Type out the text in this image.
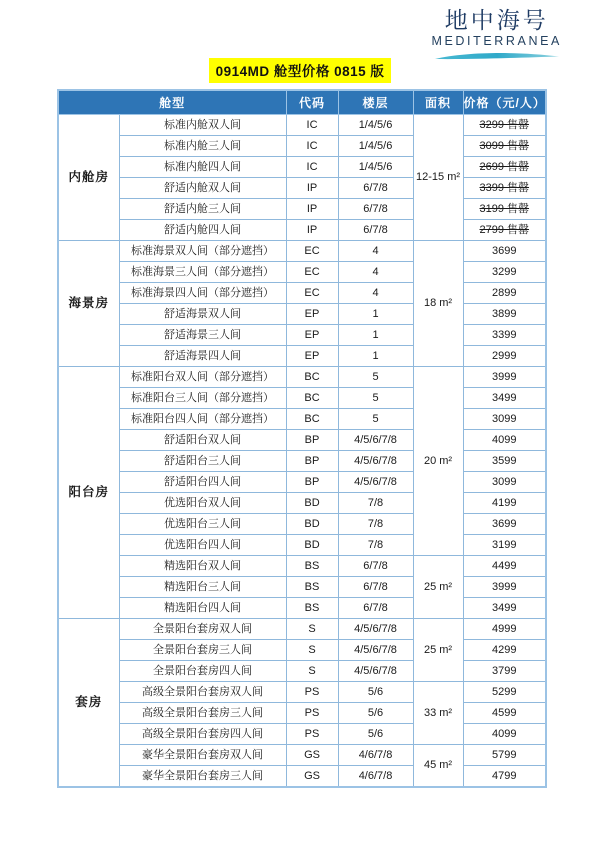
地中海号
MEDITERRANEA
0914MD 舱型价格 0815 版
舱型		代码	楼层	面积	价格（元/人）
内舱房	标准内舱双人间	IC	1/4/5/6	12-15 m²	3299 售罄
	标准内舱三人间	IC	1/4/5/6		3099 售罄
	标准内舱四人间	IC	1/4/5/6		2699 售罄
	舒适内舱双人间	IP	6/7/8		3399 售罄
	舒适内舱三人间	IP	6/7/8		3199 售罄
	舒适内舱四人间	IP	6/7/8		2799 售罄
海景房	标准海景双人间（部分遮挡）	EC	4	18 m²	3699
	标准海景三人间（部分遮挡）	EC	4		3299
	标准海景四人间（部分遮挡）	EC	4		2899
	舒适海景双人间	EP	1		3899
	舒适海景三人间	EP	1		3399
	舒适海景四人间	EP	1		2999
阳台房	标准阳台双人间（部分遮挡）	BC	5	20 m²	3999
	标准阳台三人间（部分遮挡）	BC	5		3499
	标准阳台四人间（部分遮挡）	BC	5		3099
	舒适阳台双人间	BP	4/5/6/7/8		4099
	舒适阳台三人间	BP	4/5/6/7/8		3599
	舒适阳台四人间	BP	4/5/6/7/8		3099
	优选阳台双人间	BD	7/8		4199
	优选阳台三人间	BD	7/8		3699
	优选阳台四人间	BD	7/8		3199
	精选阳台双人间	BS	6/7/8	25 m²	4499
	精选阳台三人间	BS	6/7/8		3999
	精选阳台四人间	BS	6/7/8		3499
套房	全景阳台套房双人间	S	4/5/6/7/8	25 m²	4999
	全景阳台套房三人间	S	4/5/6/7/8		4299
	全景阳台套房四人间	S	4/5/6/7/8		3799
	高级全景阳台套房双人间	PS	5/6	33 m²	5299
	高级全景阳台套房三人间	PS	5/6		4599
	高级全景阳台套房四人间	PS	5/6		4099
	豪华全景阳台套房双人间	GS	4/6/7/8	45 m²	5799
	豪华全景阳台套房三人间	GS	4/6/7/8		4799
